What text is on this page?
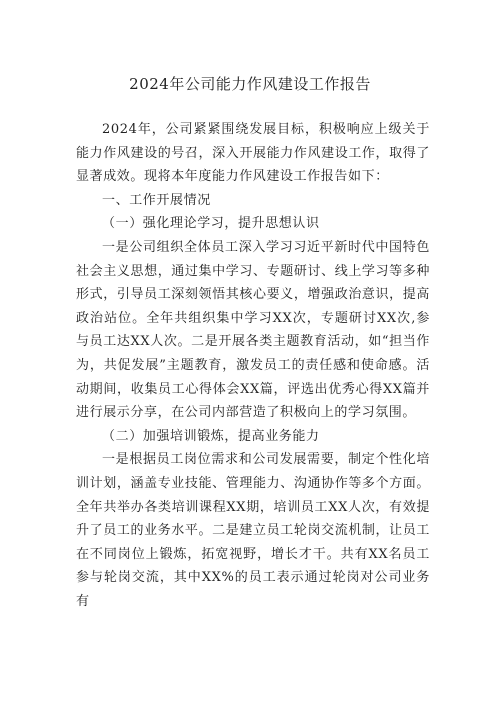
2024年公司能力作风建设工作报告

2024年，公司紧紧围绕发展目标，积极响应上级关于能力作风建设的号召，深入开展能力作风建设工作，取得了显著成效。现将本年度能力作风建设工作报告如下：

一、工作开展情况

（一）强化理论学习，提升思想认识

一是公司组织全体员工深入学习习近平新时代中国特色社会主义思想，通过集中学习、专题研讨、线上学习等多种形式，引导员工深刻领悟其核心要义，增强政治意识，提高政治站位。全年共组织集中学习XX次，专题研讨XX次,参与员工达XX人次。二是开展各类主题教育活动，如“担当作为，共促发展”主题教育，激发员工的责任感和使命感。活动期间，收集员工心得体会XX篇，评选出优秀心得XX篇并进行展示分享，在公司内部营造了积极向上的学习氛围。

（二）加强培训锻炼，提高业务能力

一是根据员工岗位需求和公司发展需要，制定个性化培训计划，涵盖专业技能、管理能力、沟通协作等多个方面。全年共举办各类培训课程XX期，培训员工XX人次，有效提升了员工的业务水平。二是建立员工轮岗交流机制，让员工在不同岗位上锻炼，拓宽视野，增长才干。共有XX名员工参与轮岗交流，其中XX%的员工表示通过轮岗对公司业务有
